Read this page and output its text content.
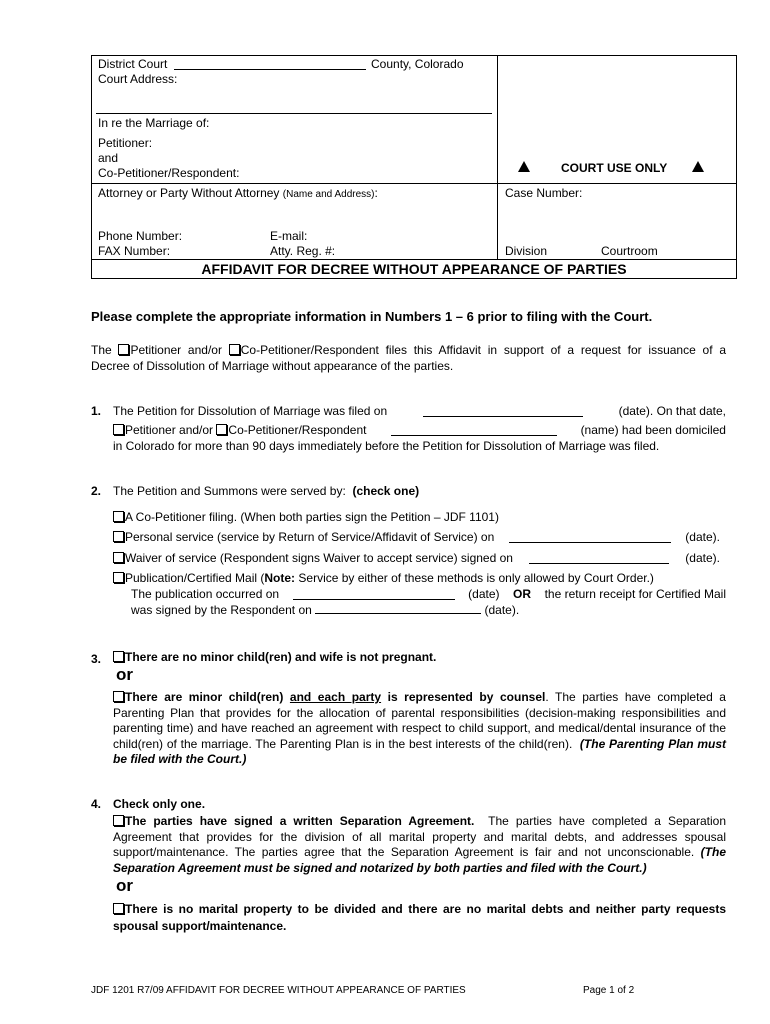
District Court	County, Colorado
Court Address:
In re the Marriage of:
Petitioner:
and
Co-Petitioner/Respondent:	COURT USE ONLY
Attorney or Party Without Attorney (Name and Address):	Case Number:
Phone Number:	E-mail:
FAX Number:	Atty. Reg. #:	Division	Courtroom
AFFIDAVIT FOR DECREE WITHOUT APPEARANCE OF PARTIES
Please complete the appropriate information in Numbers 1 – 6 prior to filing with the Court.
The Petitioner and/or Co-Petitioner/Respondent files this Affidavit in support of a request for issuance of a
Decree of Dissolution of Marriage without appearance of the parties.
1. The Petition for Dissolution of Marriage was filed on	(date). On that date,
Petitioner and/or Co-Petitioner/Respondent	(name) had been domiciled
in Colorado for more than 90 days immediately before the Petition for Dissolution of Marriage was filed.
2. The Petition and Summons were served by: (check one)
A Co-Petitioner filing. (When both parties sign the Petition – JDF 1101)
Personal service (service by Return of Service/Affidavit of Service) on	(date).
Waiver of service (Respondent signs Waiver to accept service) signed on	(date).
Publication/Certified Mail (Note: Service by either of these methods is only allowed by Court Order.)
The publication occurred on	(date) OR the return receipt for Certified Mail
was signed by the Respondent on	(date).
3.	There are no minor child(ren) and wife is not pregnant.
or
There are minor child(ren) and each party is represented by counsel. The parties have completed a Parenting Plan that provides for the allocation of parental responsibilities (decision-making responsibilities and parenting time) and have reached an agreement with respect to child support, and medical/dental insurance of the child(ren) of the marriage. The Parenting Plan is in the best interests of the child(ren). (The Parenting Plan must be filed with the Court.)
4. Check only one.
The parties have signed a written Separation Agreement. The parties have completed a Separation Agreement that provides for the division of all marital property and marital debts, and addresses spousal support/maintenance. The parties agree that the Separation Agreement is fair and not unconscionable. (The Separation Agreement must be signed and notarized by both parties and filed with the Court.)
or
There is no marital property to be divided and there are no marital debts and neither party requests spousal support/maintenance.
JDF 1201 R7/09 AFFIDAVIT FOR DECREE WITHOUT APPEARANCE OF PARTIES	Page 1 of 2
